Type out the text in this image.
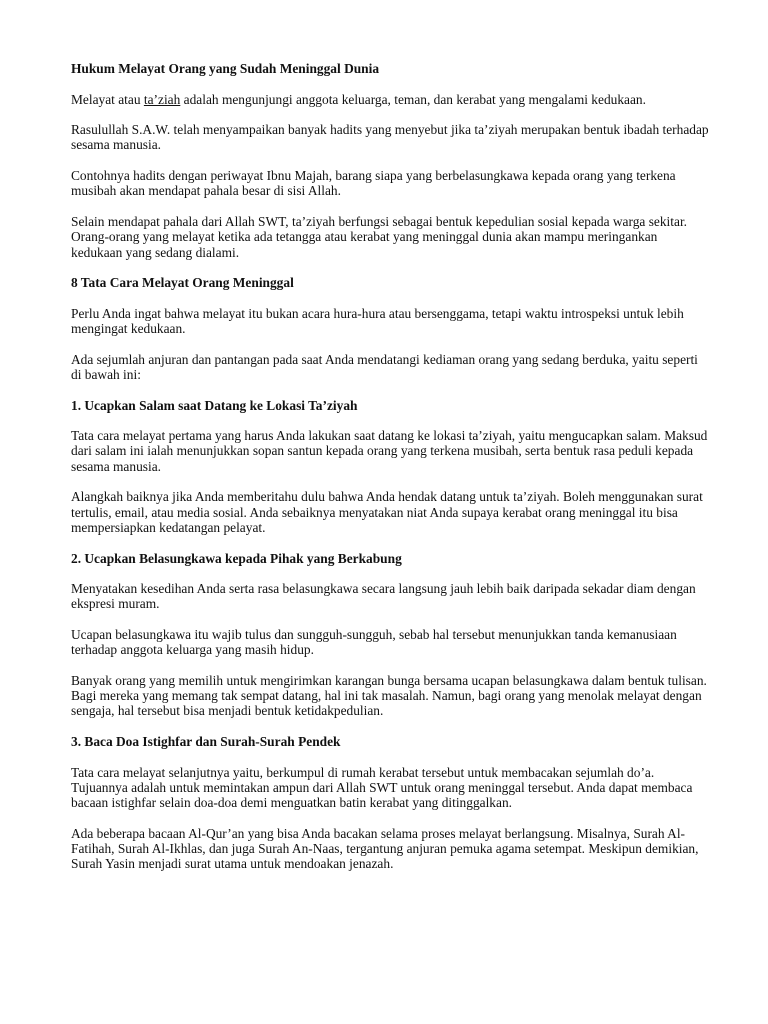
Hukum Melayat Orang yang Sudah Meninggal Dunia

Melayat atau ta’ziah adalah mengunjungi anggota keluarga, teman, dan kerabat yang mengalami kedukaan.

Rasulullah S.A.W. telah menyampaikan banyak hadits yang menyebut jika ta’ziyah merupakan bentuk ibadah terhadap sesama manusia.

Contohnya hadits dengan periwayat Ibnu Majah, barang siapa yang berbelasungkawa kepada orang yang terkena musibah akan mendapat pahala besar di sisi Allah.

Selain mendapat pahala dari Allah SWT, ta’ziyah berfungsi sebagai bentuk kepedulian sosial kepada warga sekitar. Orang-orang yang melayat ketika ada tetangga atau kerabat yang meninggal dunia akan mampu meringankan kedukaan yang sedang dialami.

8 Tata Cara Melayat Orang Meninggal

Perlu Anda ingat bahwa melayat itu bukan acara hura-hura atau bersenggama, tetapi waktu introspeksi untuk lebih mengingat kedukaan.

Ada sejumlah anjuran dan pantangan pada saat Anda mendatangi kediaman orang yang sedang berduka, yaitu seperti di bawah ini:

1. Ucapkan Salam saat Datang ke Lokasi Ta’ziyah

Tata cara melayat pertama yang harus Anda lakukan saat datang ke lokasi ta’ziyah, yaitu mengucapkan salam. Maksud dari salam ini ialah menunjukkan sopan santun kepada orang yang terkena musibah, serta bentuk rasa peduli kepada sesama manusia.

Alangkah baiknya jika Anda memberitahu dulu bahwa Anda hendak datang untuk ta’ziyah. Boleh menggunakan surat tertulis, email, atau media sosial. Anda sebaiknya menyatakan niat Anda supaya kerabat orang meninggal itu bisa mempersiapkan kedatangan pelayat.

2. Ucapkan Belasungkawa kepada Pihak yang Berkabung

Menyatakan kesedihan Anda serta rasa belasungkawa secara langsung jauh lebih baik daripada sekadar diam dengan ekspresi muram.

Ucapan belasungkawa itu wajib tulus dan sungguh-sungguh, sebab hal tersebut menunjukkan tanda kemanusiaan terhadap anggota keluarga yang masih hidup.

Banyak orang yang memilih untuk mengirimkan karangan bunga bersama ucapan belasungkawa dalam bentuk tulisan. Bagi mereka yang memang tak sempat datang, hal ini tak masalah. Namun, bagi orang yang menolak melayat dengan sengaja, hal tersebut bisa menjadi bentuk ketidakpedulian.

3. Baca Doa Istighfar dan Surah-Surah Pendek

Tata cara melayat selanjutnya yaitu, berkumpul di rumah kerabat tersebut untuk membacakan sejumlah do’a. Tujuannya adalah untuk memintakan ampun dari Allah SWT untuk orang meninggal tersebut. Anda dapat membaca bacaan istighfar selain doa-doa demi menguatkan batin kerabat yang ditinggalkan.

Ada beberapa bacaan Al-Qur’an yang bisa Anda bacakan selama proses melayat berlangsung. Misalnya, Surah Al-Fatihah, Surah Al-Ikhlas, dan juga Surah An-Naas, tergantung anjuran pemuka agama setempat. Meskipun demikian, Surah Yasin menjadi surat utama untuk mendoakan jenazah.
